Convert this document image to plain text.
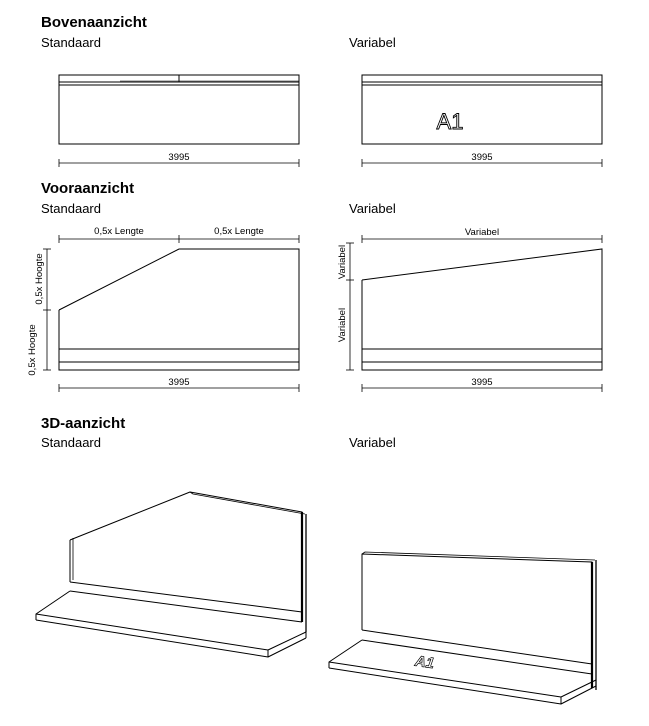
Bovenaanzicht
Standaard	Variabel
Vooraanzicht
Standaard	Variabel
3D-aanzicht
Standaard	Variabel
3995
A1
3995
0,5x Lengte	0,5x Lengte
0,5x Hoogte
0,5x Hoogte
3995
Variabel
Variabel
Variabel
3995
A1
